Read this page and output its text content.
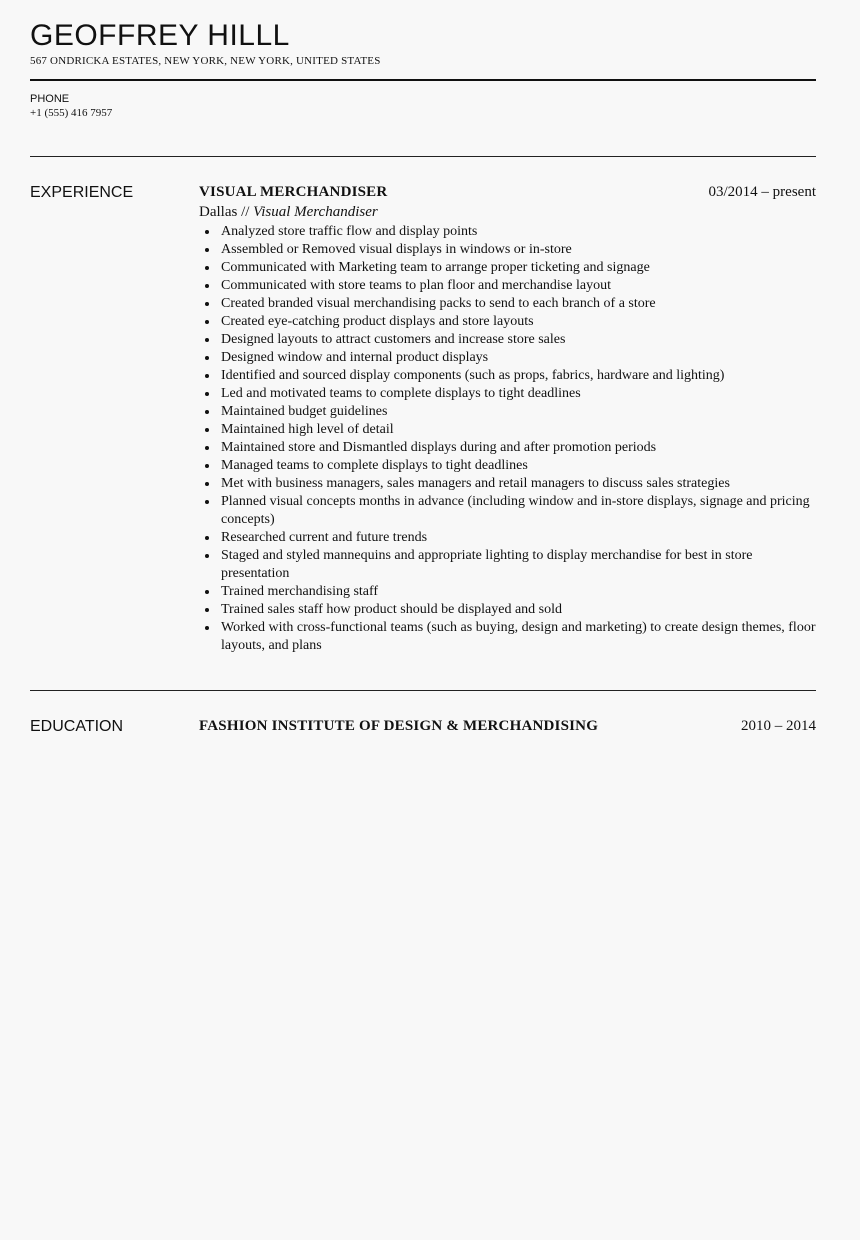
GEOFFREY HILLL
567 ONDRICKA ESTATES, NEW YORK, NEW YORK, UNITED STATES
PHONE
+1 (555) 416 7957
EXPERIENCE	VISUAL MERCHANDISER	03/2014 – present
Dallas // Visual Merchandiser
Analyzed store traffic flow and display points
Assembled or Removed visual displays in windows or in-store
Communicated with Marketing team to arrange proper ticketing and signage
Communicated with store teams to plan floor and merchandise layout
Created branded visual merchandising packs to send to each branch of a store
Created eye-catching product displays and store layouts
Designed layouts to attract customers and increase store sales
Designed window and internal product displays
Identified and sourced display components (such as props, fabrics, hardware and lighting)
Led and motivated teams to complete displays to tight deadlines
Maintained budget guidelines
Maintained high level of detail
Maintained store and Dismantled displays during and after promotion periods
Managed teams to complete displays to tight deadlines
Met with business managers, sales managers and retail managers to discuss sales strategies
Planned visual concepts months in advance (including window and in-store displays, signage and pricing concepts)
Researched current and future trends
Staged and styled mannequins and appropriate lighting to display merchandise for best in store presentation
Trained merchandising staff
Trained sales staff how product should be displayed and sold
Worked with cross-functional teams (such as buying, design and marketing) to create design themes, floor layouts, and plans
EDUCATION	FASHION INSTITUTE OF DESIGN & MERCHANDISING	2010 – 2014
